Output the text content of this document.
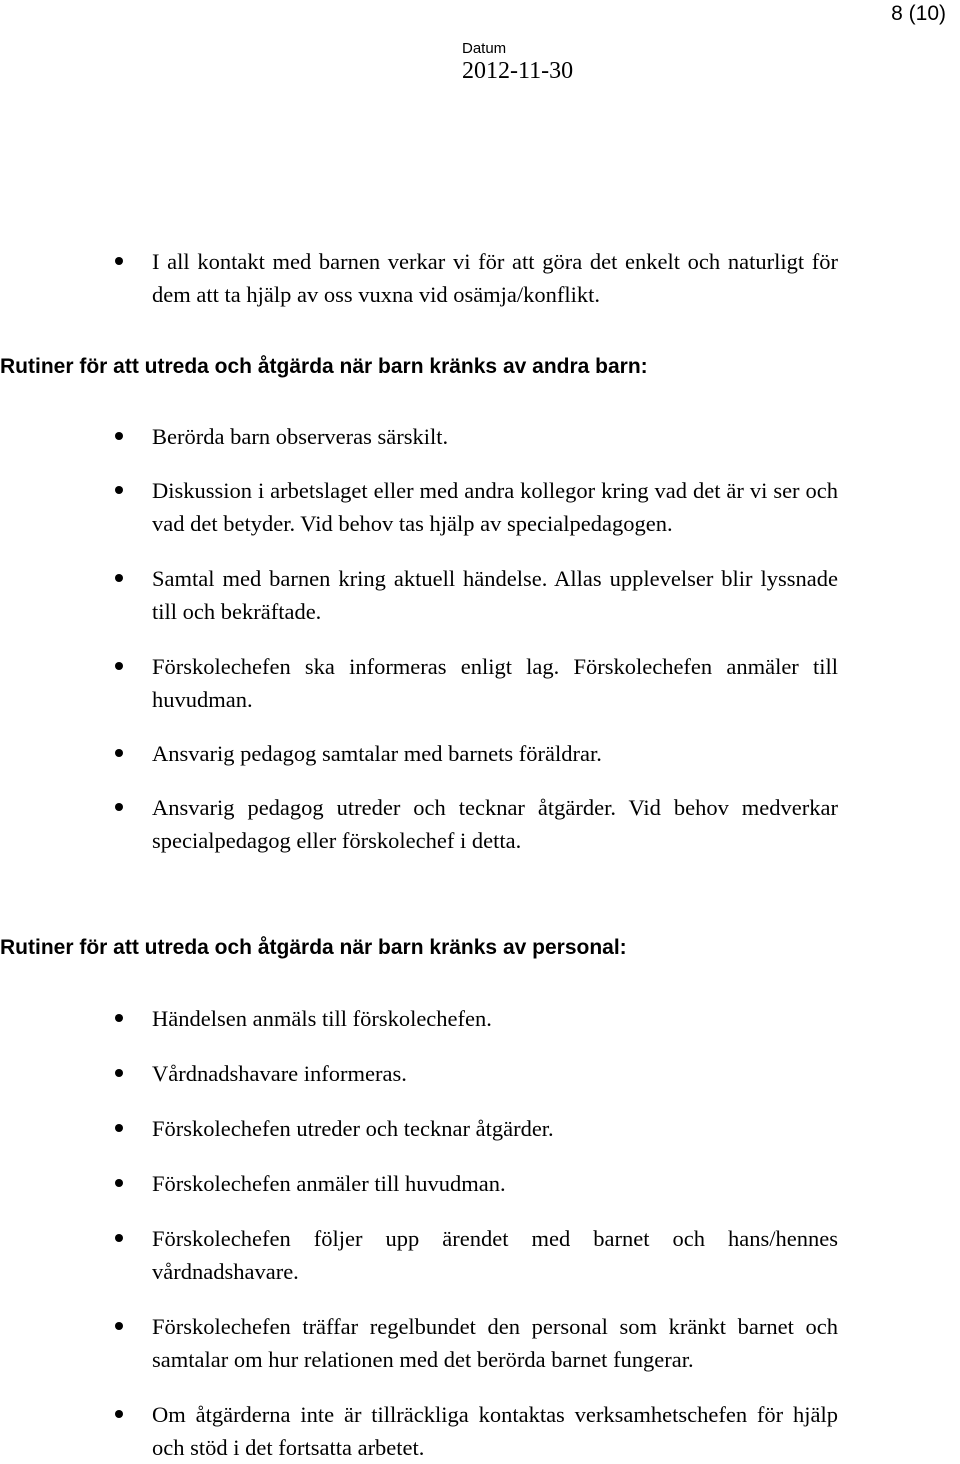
8 (10)
Datum
2012-11-30
I all kontakt med barnen verkar vi för att göra det enkelt och naturligt för dem att ta hjälp av oss vuxna vid osämja/konflikt.
Rutiner för att utreda och åtgärda när barn kränks av andra barn:
Berörda barn observeras särskilt.
Diskussion i arbetslaget eller med andra kollegor kring vad det är vi ser och vad det betyder. Vid behov tas hjälp av specialpedagogen.
Samtal med barnen kring aktuell händelse. Allas upplevelser blir lyssnade till och bekräftade.
Förskolechefen ska informeras enligt lag. Förskolechefen anmäler till huvudman.
Ansvarig pedagog samtalar med barnets föräldrar.
Ansvarig pedagog utreder och tecknar åtgärder. Vid behov medverkar specialpedagog eller förskolechef i detta.
Rutiner för att utreda och åtgärda när barn kränks av personal:
Händelsen anmäls till förskolechefen.
Vårdnadshavare informeras.
Förskolechefen utreder och tecknar åtgärder.
Förskolechefen anmäler till huvudman.
Förskolechefen följer upp ärendet med barnet och hans/hennes vårdnadshavare.
Förskolechefen träffar regelbundet den personal som kränkt barnet och samtalar om hur relationen med det berörda barnet fungerar.
Om åtgärderna inte är tillräckliga kontaktas verksamhetschefen för hjälp och stöd i det fortsatta arbetet.
